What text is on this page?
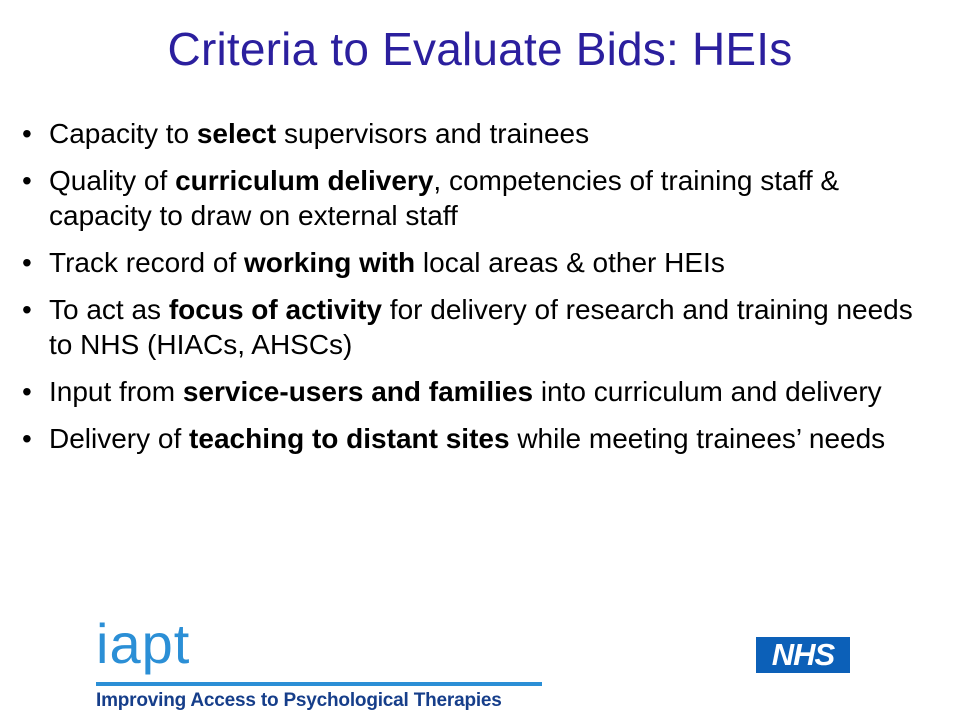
Criteria to Evaluate Bids: HEIs
• Capacity to select supervisors and trainees
• Quality of curriculum delivery, competencies of training staff & capacity to draw on external staff
• Track record of working with local areas & other HEIs
• To act as focus of activity for delivery of research and training needs to NHS (HIACs, AHSCs)
• Input from service-users and families into curriculum and delivery
• Delivery of teaching to distant sites while meeting trainees’ needs
iapt
Improving Access to Psychological Therapies
NHS
